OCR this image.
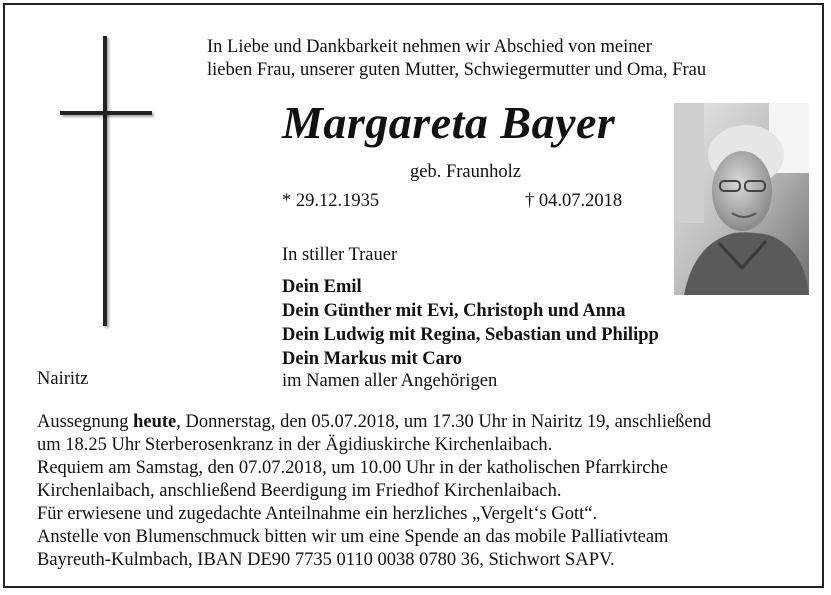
In Liebe und Dankbarkeit nehmen wir Abschied von meiner
lieben Frau, unserer guten Mutter, Schwiegermutter und Oma, Frau
Margareta Bayer
geb. Fraunholz
* 29.12.1935	† 04.07.2018
In stiller Trauer
Dein Emil
Dein Günther mit Evi, Christoph und Anna
Dein Ludwig mit Regina, Sebastian und Philipp
Dein Markus mit Caro
im Namen aller Angehörigen
Nairitz
Aussegnung heute, Donnerstag, den 05.07.2018, um 17.30 Uhr in Nairitz 19, anschließend
um 18.25 Uhr Sterberosenkranz in der Ägidiuskirche Kirchenlaibach.
Requiem am Samstag, den 07.07.2018, um 10.00 Uhr in der katholischen Pfarrkirche
Kirchenlaibach, anschließend Beerdigung im Friedhof Kirchenlaibach.
Für erwiesene und zugedachte Anteilnahme ein herzliches „Vergelt‘s Gott“.
Anstelle von Blumenschmuck bitten wir um eine Spende an das mobile Palliativteam
Bayreuth-Kulmbach, IBAN DE90 7735 0110 0038 0780 36, Stichwort SAPV.
